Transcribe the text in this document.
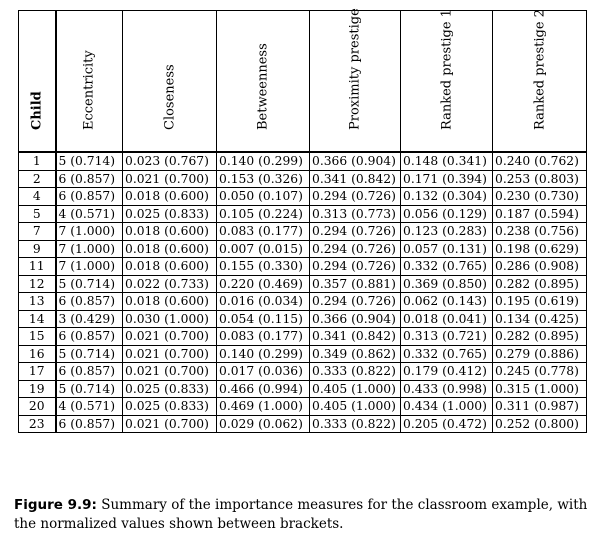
Child	Eccentricity	Closeness	Betweenness	Proximity prestige	Ranked prestige 1	Ranked prestige 2

1	5 (0.714)	0.023 (0.767)	0.140 (0.299)	0.366 (0.904)	0.148 (0.341)	0.240 (0.762)
2	6 (0.857)	0.021 (0.700)	0.153 (0.326)	0.341 (0.842)	0.171 (0.394)	0.253 (0.803)
4	6 (0.857)	0.018 (0.600)	0.050 (0.107)	0.294 (0.726)	0.132 (0.304)	0.230 (0.730)
5	4 (0.571)	0.025 (0.833)	0.105 (0.224)	0.313 (0.773)	0.056 (0.129)	0.187 (0.594)
7	7 (1.000)	0.018 (0.600)	0.083 (0.177)	0.294 (0.726)	0.123 (0.283)	0.238 (0.756)
9	7 (1.000)	0.018 (0.600)	0.007 (0.015)	0.294 (0.726)	0.057 (0.131)	0.198 (0.629)
11	7 (1.000)	0.018 (0.600)	0.155 (0.330)	0.294 (0.726)	0.332 (0.765)	0.286 (0.908)
12	5 (0.714)	0.022 (0.733)	0.220 (0.469)	0.357 (0.881)	0.369 (0.850)	0.282 (0.895)
13	6 (0.857)	0.018 (0.600)	0.016 (0.034)	0.294 (0.726)	0.062 (0.143)	0.195 (0.619)
14	3 (0.429)	0.030 (1.000)	0.054 (0.115)	0.366 (0.904)	0.018 (0.041)	0.134 (0.425)
15	6 (0.857)	0.021 (0.700)	0.083 (0.177)	0.341 (0.842)	0.313 (0.721)	0.282 (0.895)
16	5 (0.714)	0.021 (0.700)	0.140 (0.299)	0.349 (0.862)	0.332 (0.765)	0.279 (0.886)
17	6 (0.857)	0.021 (0.700)	0.017 (0.036)	0.333 (0.822)	0.179 (0.412)	0.245 (0.778)
19	5 (0.714)	0.025 (0.833)	0.466 (0.994)	0.405 (1.000)	0.433 (0.998)	0.315 (1.000)
20	4 (0.571)	0.025 (0.833)	0.469 (1.000)	0.405 (1.000)	0.434 (1.000)	0.311 (0.987)
23	6 (0.857)	0.021 (0.700)	0.029 (0.062)	0.333 (0.822)	0.205 (0.472)	0.252 (0.800)
Figure 9.9: Summary of the importance measures for the classroom example, with the normalized values shown between brackets.
